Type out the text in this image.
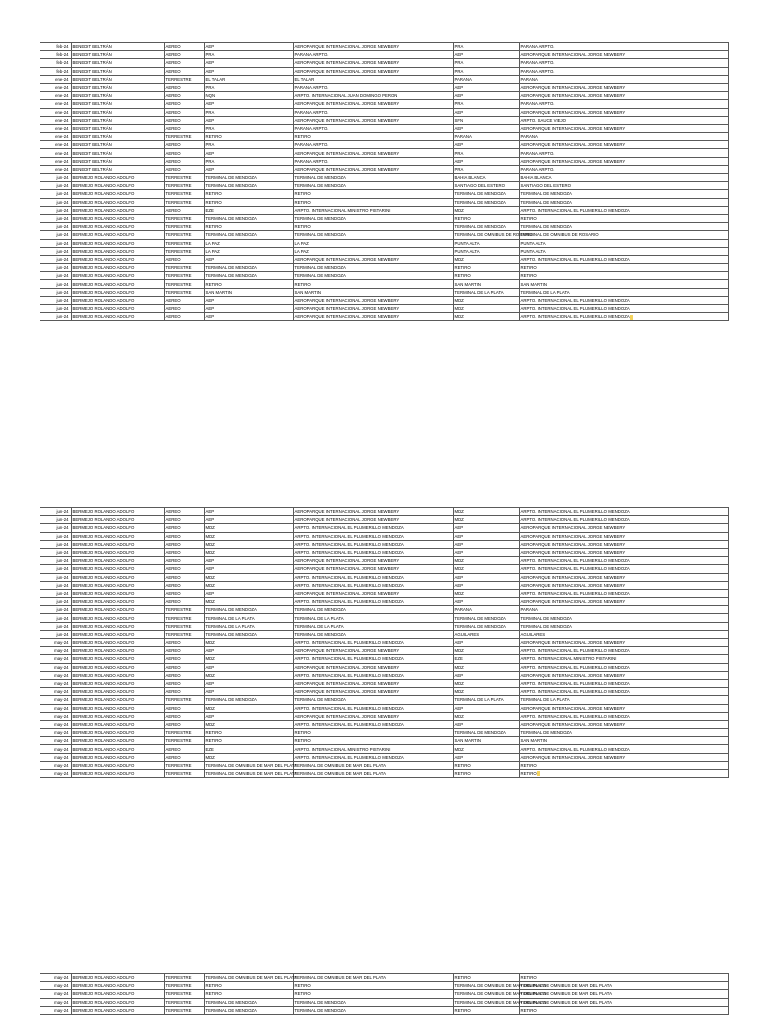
feb-24	BENEDIT BELTRÁN	AEREO	AEP	AEROPARQUE INTERNACIONAL JORGE NEWBERY	PRA	PARANA ARPTO.
feb-24	BENEDIT BELTRÁN	AEREO	PRA	PARANA ARPTO.	AEP	AEROPARQUE INTERNACIONAL JORGE NEWBERY
feb-24	BENEDIT BELTRÁN	AEREO	AEP	AEROPARQUE INTERNACIONAL JORGE NEWBERY	PRA	PARANA ARPTO.
feb-24	BENEDIT BELTRÁN	AEREO	AEP	AEROPARQUE INTERNACIONAL JORGE NEWBERY	PRA	PARANA ARPTO.
ene-24	BENEDIT BELTRÁN	TERRESTRE	EL TALAR	EL TALAR	PARANA	PARANA
ene-24	BENEDIT BELTRÁN	AEREO	PRA	PARANA ARPTO.	AEP	AEROPARQUE INTERNACIONAL JORGE NEWBERY
ene-24	BENEDIT BELTRÁN	AEREO	NQN	ARPTO. INTERNACIONAL JUAN DOMINGO PERON	AEP	AEROPARQUE INTERNACIONAL JORGE NEWBERY
ene-24	BENEDIT BELTRÁN	AEREO	AEP	AEROPARQUE INTERNACIONAL JORGE NEWBERY	PRA	PARANA ARPTO.
ene-24	BENEDIT BELTRÁN	AEREO	PRA	PARANA ARPTO.	AEP	AEROPARQUE INTERNACIONAL JORGE NEWBERY
ene-24	BENEDIT BELTRÁN	AEREO	AEP	AEROPARQUE INTERNACIONAL JORGE NEWBERY	SFN	ARPTO. SAUCE VIEJO
ene-24	BENEDIT BELTRÁN	AEREO	PRA	PARANA ARPTO.	AEP	AEROPARQUE INTERNACIONAL JORGE NEWBERY
ene-24	BENEDIT BELTRÁN	TERRESTRE	RETIRO	RETIRO	PARANA	PARANA
ene-24	BENEDIT BELTRÁN	AEREO	PRA	PARANA ARPTO.	AEP	AEROPARQUE INTERNACIONAL JORGE NEWBERY
ene-24	BENEDIT BELTRÁN	AEREO	AEP	AEROPARQUE INTERNACIONAL JORGE NEWBERY	PRA	PARANA ARPTO.
ene-24	BENEDIT BELTRÁN	AEREO	PRA	PARANA ARPTO.	AEP	AEROPARQUE INTERNACIONAL JORGE NEWBERY
ene-24	BENEDIT BELTRÁN	AEREO	AEP	AEROPARQUE INTERNACIONAL JORGE NEWBERY	PRA	PARANA ARPTO.
jun-24	BERMEJO ROLANDO ADOLFO	TERRESTRE	TERMINAL DE MENDOZA	TERMINAL DE MENDOZA	BAHIA BLANCA	BAHIA BLANCA
jun-24	BERMEJO ROLANDO ADOLFO	TERRESTRE	TERMINAL DE MENDOZA	TERMINAL DE MENDOZA	SANTIAGO DEL ESTERO	SANTIAGO DEL ESTERO
jun-24	BERMEJO ROLANDO ADOLFO	TERRESTRE	RETIRO	RETIRO	TERMINAL DE MENDOZA	TERMINAL DE MENDOZA
jun-24	BERMEJO ROLANDO ADOLFO	TERRESTRE	RETIRO	RETIRO	TERMINAL DE MENDOZA	TERMINAL DE MENDOZA
jun-24	BERMEJO ROLANDO ADOLFO	AEREO	EZE	ARPTO. INTERNACIONAL MINISTRO PISTARINI	MDZ	ARPTO. INTERNACIONAL EL PLUMERILLO MENDOZA
jun-24	BERMEJO ROLANDO ADOLFO	TERRESTRE	TERMINAL DE MENDOZA	TERMINAL DE MENDOZA	RETIRO	RETIRO
jun-24	BERMEJO ROLANDO ADOLFO	TERRESTRE	RETIRO	RETIRO	TERMINAL DE MENDOZA	TERMINAL DE MENDOZA
jun-24	BERMEJO ROLANDO ADOLFO	TERRESTRE	TERMINAL DE MENDOZA	TERMINAL DE MENDOZA	TERMINAL DE OMNIBUS DE ROSARIO	TERMINAL DE OMNIBUS DE ROSARIO
jun-24	BERMEJO ROLANDO ADOLFO	TERRESTRE	LA PAZ	LA PAZ	PUNTA ALTA	PUNTA ALTA
jun-24	BERMEJO ROLANDO ADOLFO	TERRESTRE	LA PAZ	LA PAZ	PUNTA ALTA	PUNTA ALTA
jun-24	BERMEJO ROLANDO ADOLFO	AEREO	AEP	AEROPARQUE INTERNACIONAL JORGE NEWBERY	MDZ	ARPTO. INTERNACIONAL EL PLUMERILLO MENDOZA
jun-24	BERMEJO ROLANDO ADOLFO	TERRESTRE	TERMINAL DE MENDOZA	TERMINAL DE MENDOZA	RETIRO	RETIRO
jun-24	BERMEJO ROLANDO ADOLFO	TERRESTRE	TERMINAL DE MENDOZA	TERMINAL DE MENDOZA	RETIRO	RETIRO
jun-24	BERMEJO ROLANDO ADOLFO	TERRESTRE	RETIRO	RETIRO	SAN MARTIN	SAN MARTIN
jun-24	BERMEJO ROLANDO ADOLFO	TERRESTRE	SAN MARTIN	SAN MARTIN	TERMINAL DE LA PLATA	TERMINAL DE LA PLATA
jun-24	BERMEJO ROLANDO ADOLFO	AEREO	AEP	AEROPARQUE INTERNACIONAL JORGE NEWBERY	MDZ	ARPTO. INTERNACIONAL EL PLUMERILLO MENDOZA
jun-24	BERMEJO ROLANDO ADOLFO	AEREO	AEP	AEROPARQUE INTERNACIONAL JORGE NEWBERY	MDZ	ARPTO. INTERNACIONAL EL PLUMERILLO MENDOZA
jun-24	BERMEJO ROLANDO ADOLFO	AEREO	AEP	AEROPARQUE INTERNACIONAL JORGE NEWBERY	MDZ	ARPTO. INTERNACIONAL EL PLUMERILLO MENDOZA
jun-24	BERMEJO ROLANDO ADOLFO	AEREO	AEP	AEROPARQUE INTERNACIONAL JORGE NEWBERY	MDZ	ARPTO. INTERNACIONAL EL PLUMERILLO MENDOZA
jun-24	BERMEJO ROLANDO ADOLFO	AEREO	AEP	AEROPARQUE INTERNACIONAL JORGE NEWBERY	MDZ	ARPTO. INTERNACIONAL EL PLUMERILLO MENDOZA
jun-24	BERMEJO ROLANDO ADOLFO	AEREO	MDZ	ARPTO. INTERNACIONAL EL PLUMERILLO MENDOZA	AEP	AEROPARQUE INTERNACIONAL JORGE NEWBERY
jun-24	BERMEJO ROLANDO ADOLFO	AEREO	MDZ	ARPTO. INTERNACIONAL EL PLUMERILLO MENDOZA	AEP	AEROPARQUE INTERNACIONAL JORGE NEWBERY
jun-24	BERMEJO ROLANDO ADOLFO	AEREO	MDZ	ARPTO. INTERNACIONAL EL PLUMERILLO MENDOZA	AEP	AEROPARQUE INTERNACIONAL JORGE NEWBERY
jun-24	BERMEJO ROLANDO ADOLFO	AEREO	MDZ	ARPTO. INTERNACIONAL EL PLUMERILLO MENDOZA	AEP	AEROPARQUE INTERNACIONAL JORGE NEWBERY
jun-24	BERMEJO ROLANDO ADOLFO	AEREO	AEP	AEROPARQUE INTERNACIONAL JORGE NEWBERY	MDZ	ARPTO. INTERNACIONAL EL PLUMERILLO MENDOZA
jun-24	BERMEJO ROLANDO ADOLFO	AEREO	AEP	AEROPARQUE INTERNACIONAL JORGE NEWBERY	MDZ	ARPTO. INTERNACIONAL EL PLUMERILLO MENDOZA
jun-24	BERMEJO ROLANDO ADOLFO	AEREO	MDZ	ARPTO. INTERNACIONAL EL PLUMERILLO MENDOZA	AEP	AEROPARQUE INTERNACIONAL JORGE NEWBERY
jun-24	BERMEJO ROLANDO ADOLFO	AEREO	MDZ	ARPTO. INTERNACIONAL EL PLUMERILLO MENDOZA	AEP	AEROPARQUE INTERNACIONAL JORGE NEWBERY
jun-24	BERMEJO ROLANDO ADOLFO	AEREO	AEP	AEROPARQUE INTERNACIONAL JORGE NEWBERY	MDZ	ARPTO. INTERNACIONAL EL PLUMERILLO MENDOZA
jun-24	BERMEJO ROLANDO ADOLFO	AEREO	MDZ	ARPTO. INTERNACIONAL EL PLUMERILLO MENDOZA	AEP	AEROPARQUE INTERNACIONAL JORGE NEWBERY
jun-24	BERMEJO ROLANDO ADOLFO	TERRESTRE	TERMINAL DE MENDOZA	TERMINAL DE MENDOZA	PARANA	PARANA
jun-24	BERMEJO ROLANDO ADOLFO	TERRESTRE	TERMINAL DE LA PLATA	TERMINAL DE LA PLATA	TERMINAL DE MENDOZA	TERMINAL DE MENDOZA
jun-24	BERMEJO ROLANDO ADOLFO	TERRESTRE	TERMINAL DE LA PLATA	TERMINAL DE LA PLATA	TERMINAL DE MENDOZA	TERMINAL DE MENDOZA
jun-24	BERMEJO ROLANDO ADOLFO	TERRESTRE	TERMINAL DE MENDOZA	TERMINAL DE MENDOZA	AGUILARES	AGUILARES
may-24	BERMEJO ROLANDO ADOLFO	AEREO	MDZ	ARPTO. INTERNACIONAL EL PLUMERILLO MENDOZA	AEP	AEROPARQUE INTERNACIONAL JORGE NEWBERY
may-24	BERMEJO ROLANDO ADOLFO	AEREO	AEP	AEROPARQUE INTERNACIONAL JORGE NEWBERY	MDZ	ARPTO. INTERNACIONAL EL PLUMERILLO MENDOZA
may-24	BERMEJO ROLANDO ADOLFO	AEREO	MDZ	ARPTO. INTERNACIONAL EL PLUMERILLO MENDOZA	EZE	ARPTO. INTERNACIONAL MINISTRO PISTARINI
may-24	BERMEJO ROLANDO ADOLFO	AEREO	AEP	AEROPARQUE INTERNACIONAL JORGE NEWBERY	MDZ	ARPTO. INTERNACIONAL EL PLUMERILLO MENDOZA
may-24	BERMEJO ROLANDO ADOLFO	AEREO	MDZ	ARPTO. INTERNACIONAL EL PLUMERILLO MENDOZA	AEP	AEROPARQUE INTERNACIONAL JORGE NEWBERY
may-24	BERMEJO ROLANDO ADOLFO	AEREO	AEP	AEROPARQUE INTERNACIONAL JORGE NEWBERY	MDZ	ARPTO. INTERNACIONAL EL PLUMERILLO MENDOZA
may-24	BERMEJO ROLANDO ADOLFO	AEREO	AEP	AEROPARQUE INTERNACIONAL JORGE NEWBERY	MDZ	ARPTO. INTERNACIONAL EL PLUMERILLO MENDOZA
may-24	BERMEJO ROLANDO ADOLFO	TERRESTRE	TERMINAL DE MENDOZA	TERMINAL DE MENDOZA	TERMINAL DE LA PLATA	TERMINAL DE LA PLATA
may-24	BERMEJO ROLANDO ADOLFO	AEREO	MDZ	ARPTO. INTERNACIONAL EL PLUMERILLO MENDOZA	AEP	AEROPARQUE INTERNACIONAL JORGE NEWBERY
may-24	BERMEJO ROLANDO ADOLFO	AEREO	AEP	AEROPARQUE INTERNACIONAL JORGE NEWBERY	MDZ	ARPTO. INTERNACIONAL EL PLUMERILLO MENDOZA
may-24	BERMEJO ROLANDO ADOLFO	AEREO	MDZ	ARPTO. INTERNACIONAL EL PLUMERILLO MENDOZA	AEP	AEROPARQUE INTERNACIONAL JORGE NEWBERY
may-24	BERMEJO ROLANDO ADOLFO	TERRESTRE	RETIRO	RETIRO	TERMINAL DE MENDOZA	TERMINAL DE MENDOZA
may-24	BERMEJO ROLANDO ADOLFO	TERRESTRE	RETIRO	RETIRO	SAN MARTIN	SAN MARTIN
may-24	BERMEJO ROLANDO ADOLFO	AEREO	EZE	ARPTO. INTERNACIONAL MINISTRO PISTARINI	MDZ	ARPTO. INTERNACIONAL EL PLUMERILLO MENDOZA
may-24	BERMEJO ROLANDO ADOLFO	AEREO	MDZ	ARPTO. INTERNACIONAL EL PLUMERILLO MENDOZA	AEP	AEROPARQUE INTERNACIONAL JORGE NEWBERY
may-24	BERMEJO ROLANDO ADOLFO	TERRESTRE	TERMINAL DE OMNIBUS DE MAR DEL PLATA	TERMINAL DE OMNIBUS DE MAR DEL PLATA	RETIRO	RETIRO
may-24	BERMEJO ROLANDO ADOLFO	TERRESTRE	TERMINAL DE OMNIBUS DE MAR DEL PLATA	TERMINAL DE OMNIBUS DE MAR DEL PLATA	RETIRO	RETIRO
may-24	BERMEJO ROLANDO ADOLFO	TERRESTRE	TERMINAL DE OMNIBUS DE MAR DEL PLATA	TERMINAL DE OMNIBUS DE MAR DEL PLATA	RETIRO	RETIRO
may-24	BERMEJO ROLANDO ADOLFO	TERRESTRE	RETIRO	RETIRO	TERMINAL DE OMNIBUS DE MAR DEL PLATA	TERMINAL DE OMNIBUS DE MAR DEL PLATA
may-24	BERMEJO ROLANDO ADOLFO	TERRESTRE	RETIRO	RETIRO	TERMINAL DE OMNIBUS DE MAR DEL PLATA	TERMINAL DE OMNIBUS DE MAR DEL PLATA
may-24	BERMEJO ROLANDO ADOLFO	TERRESTRE	TERMINAL DE MENDOZA	TERMINAL DE MENDOZA	TERMINAL DE OMNIBUS DE MAR DEL PLATA	TERMINAL DE OMNIBUS DE MAR DEL PLATA
may-24	BERMEJO ROLANDO ADOLFO	TERRESTRE	TERMINAL DE MENDOZA	TERMINAL DE MENDOZA	RETIRO	RETIRO
